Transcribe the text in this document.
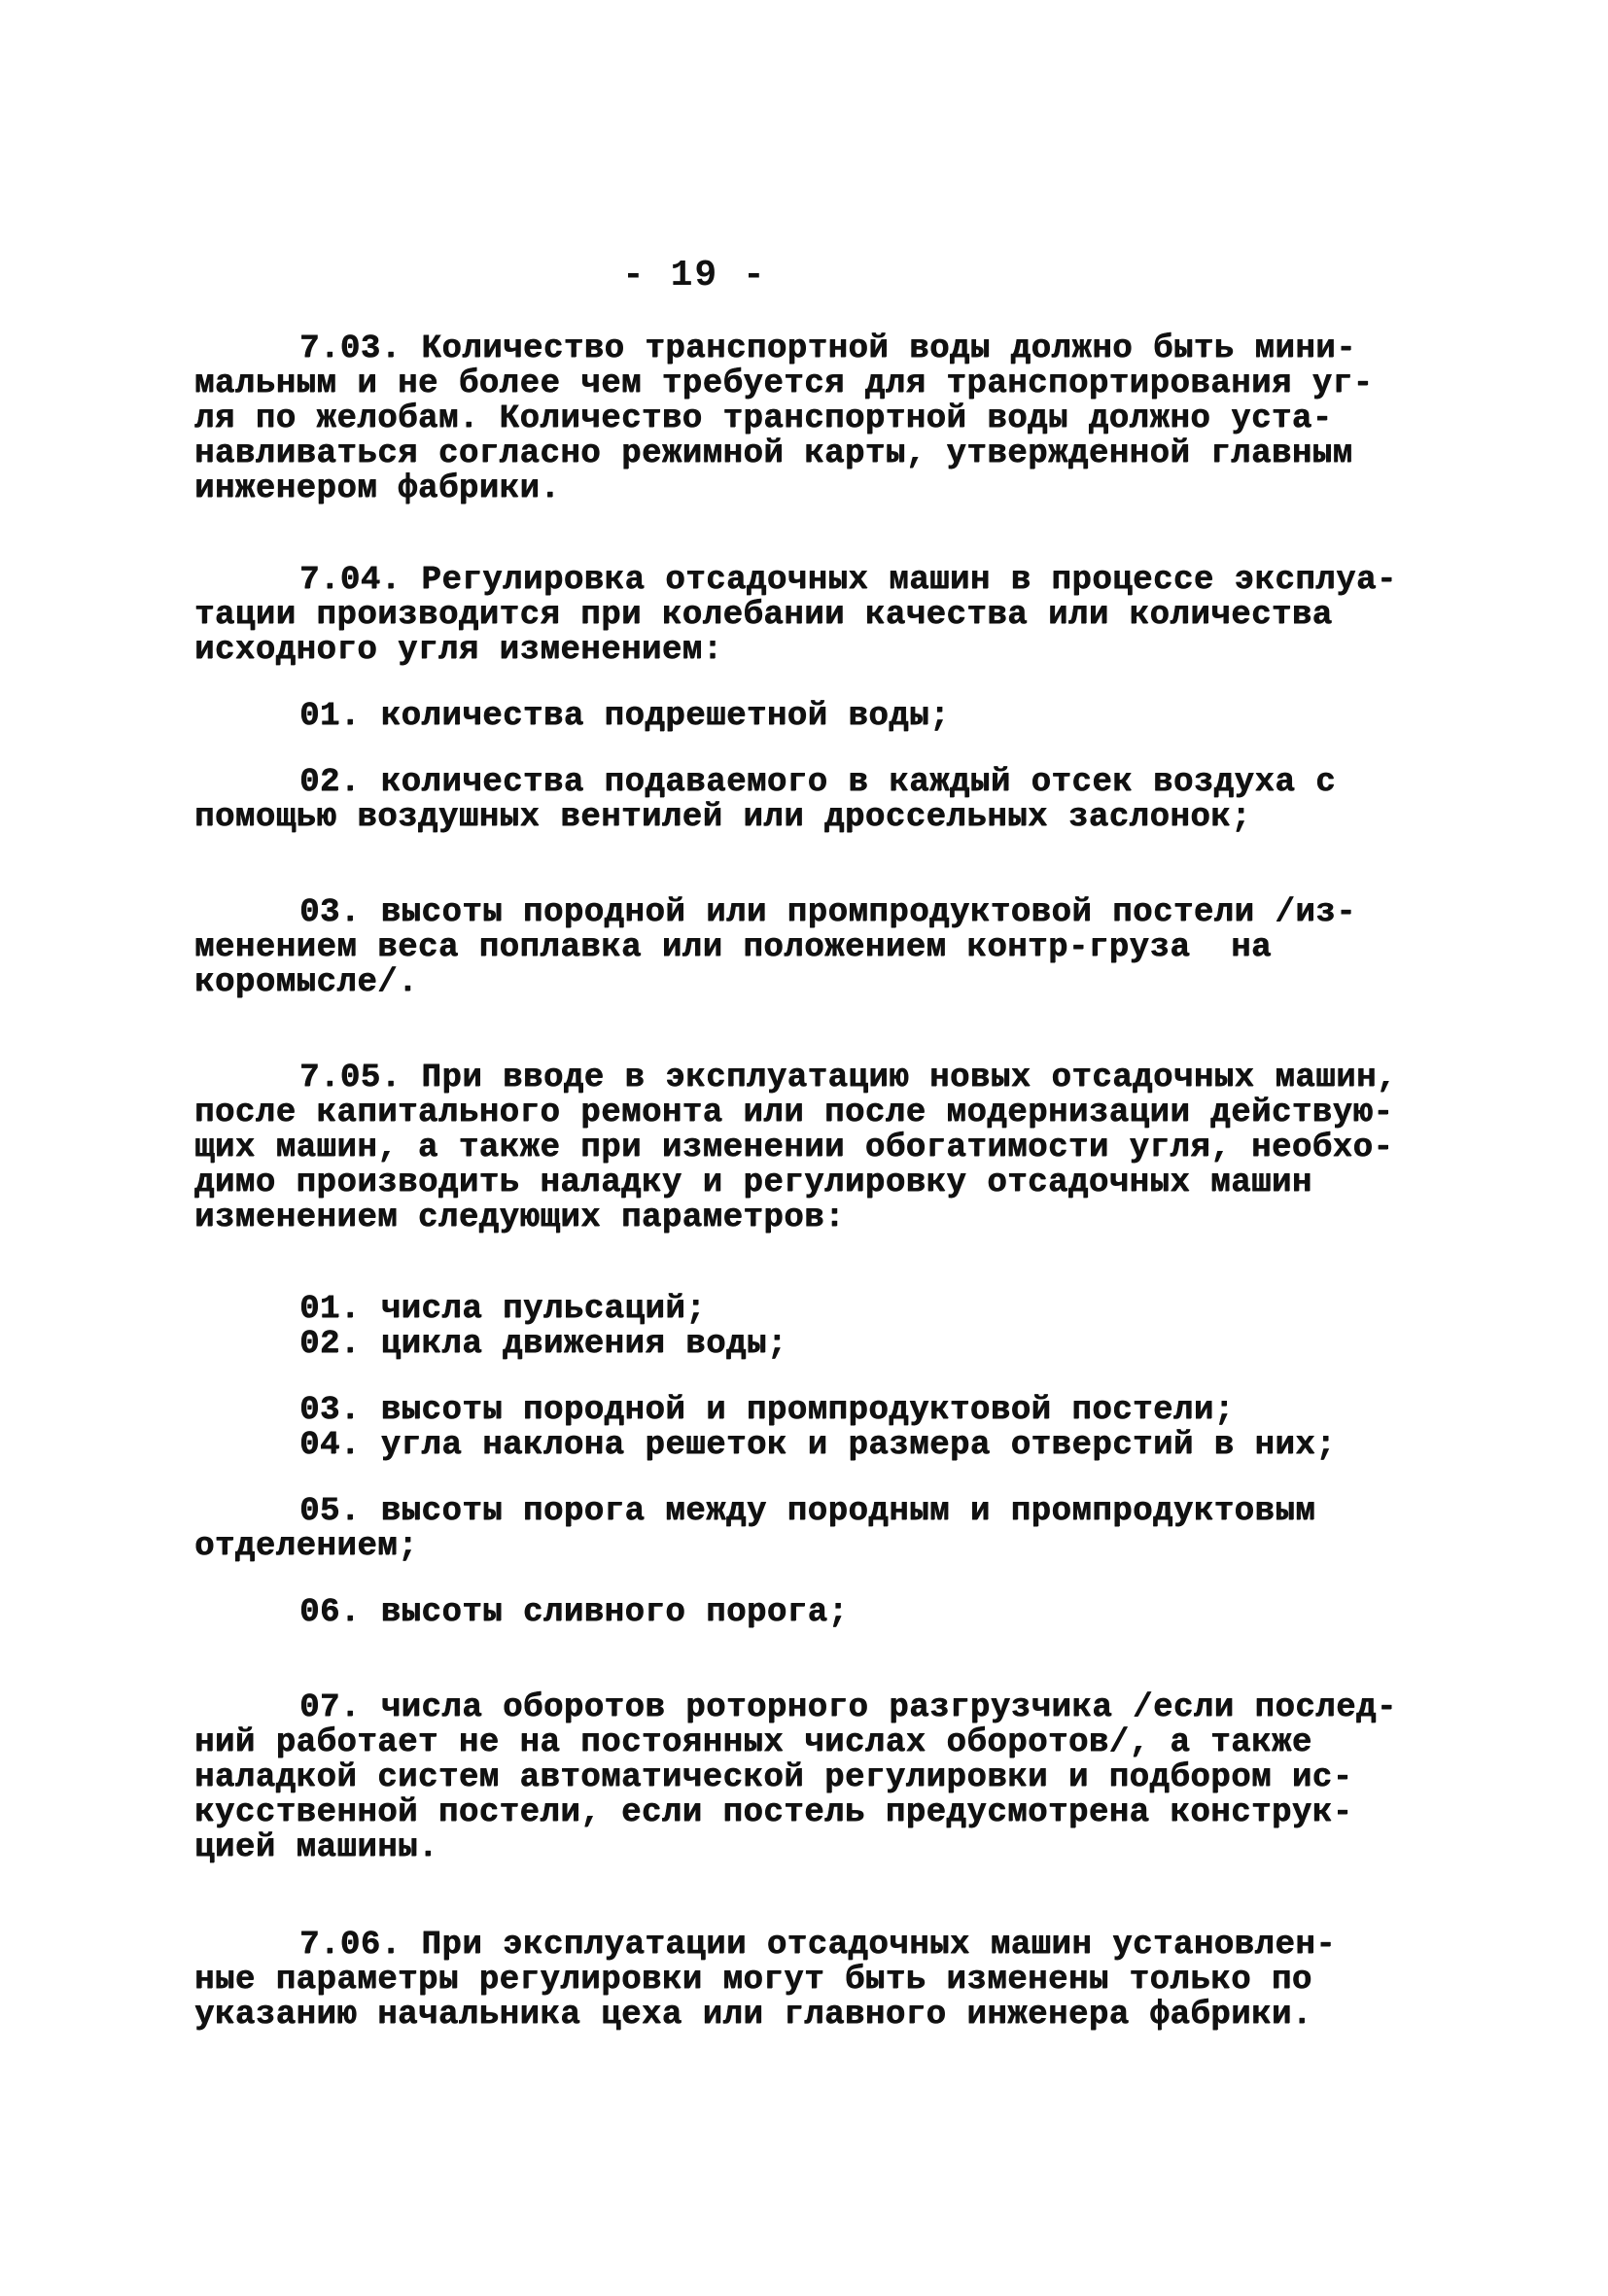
- 19 -
7.03. Количество транспортной воды должно быть мини-
мальным и не более чем требуется для транспортирования уг-
ля по желобам. Количество транспортной воды должно уста-
навливаться согласно режимной карты, утвержденной главным
инженером фабрики.
7.04. Регулировка отсадочных машин в процессе эксплуа-
тации производится при колебании качества или количества
исходного угля изменением:
01. количества подрешетной воды;
02. количества подаваемого в каждый отсек воздуха с
помощью воздушных вентилей или дроссельных заслонок;
03. высоты породной или промпродуктовой постели /из-
менением веса поплавка или положением контр-груза  на
коромысле/.
7.05. При вводе в эксплуатацию новых отсадочных машин,
после капитального ремонта или после модернизации действую-
щих машин, а также при изменении обогатимости угля, необхо-
димо производить наладку и регулировку отсадочных машин
изменением следующих параметров:
01. числа пульсаций;
02. цикла движения воды;
03. высоты породной и промпродуктовой постели;
04. угла наклона решеток и размера отверстий в них;
05. высоты порога между породным и промпродуктовым
отделением;
06. высоты сливного порога;
07. числа оборотов роторного разгрузчика /если послед-
ний работает не на постоянных числах оборотов/, а также
наладкой систем автоматической регулировки и подбором ис-
кусственной постели, если постель предусмотрена конструк-
цией машины.
7.06. При эксплуатации отсадочных машин установлен-
ные параметры регулировки могут быть изменены только по
указанию начальника цеха или главного инженера фабрики.
